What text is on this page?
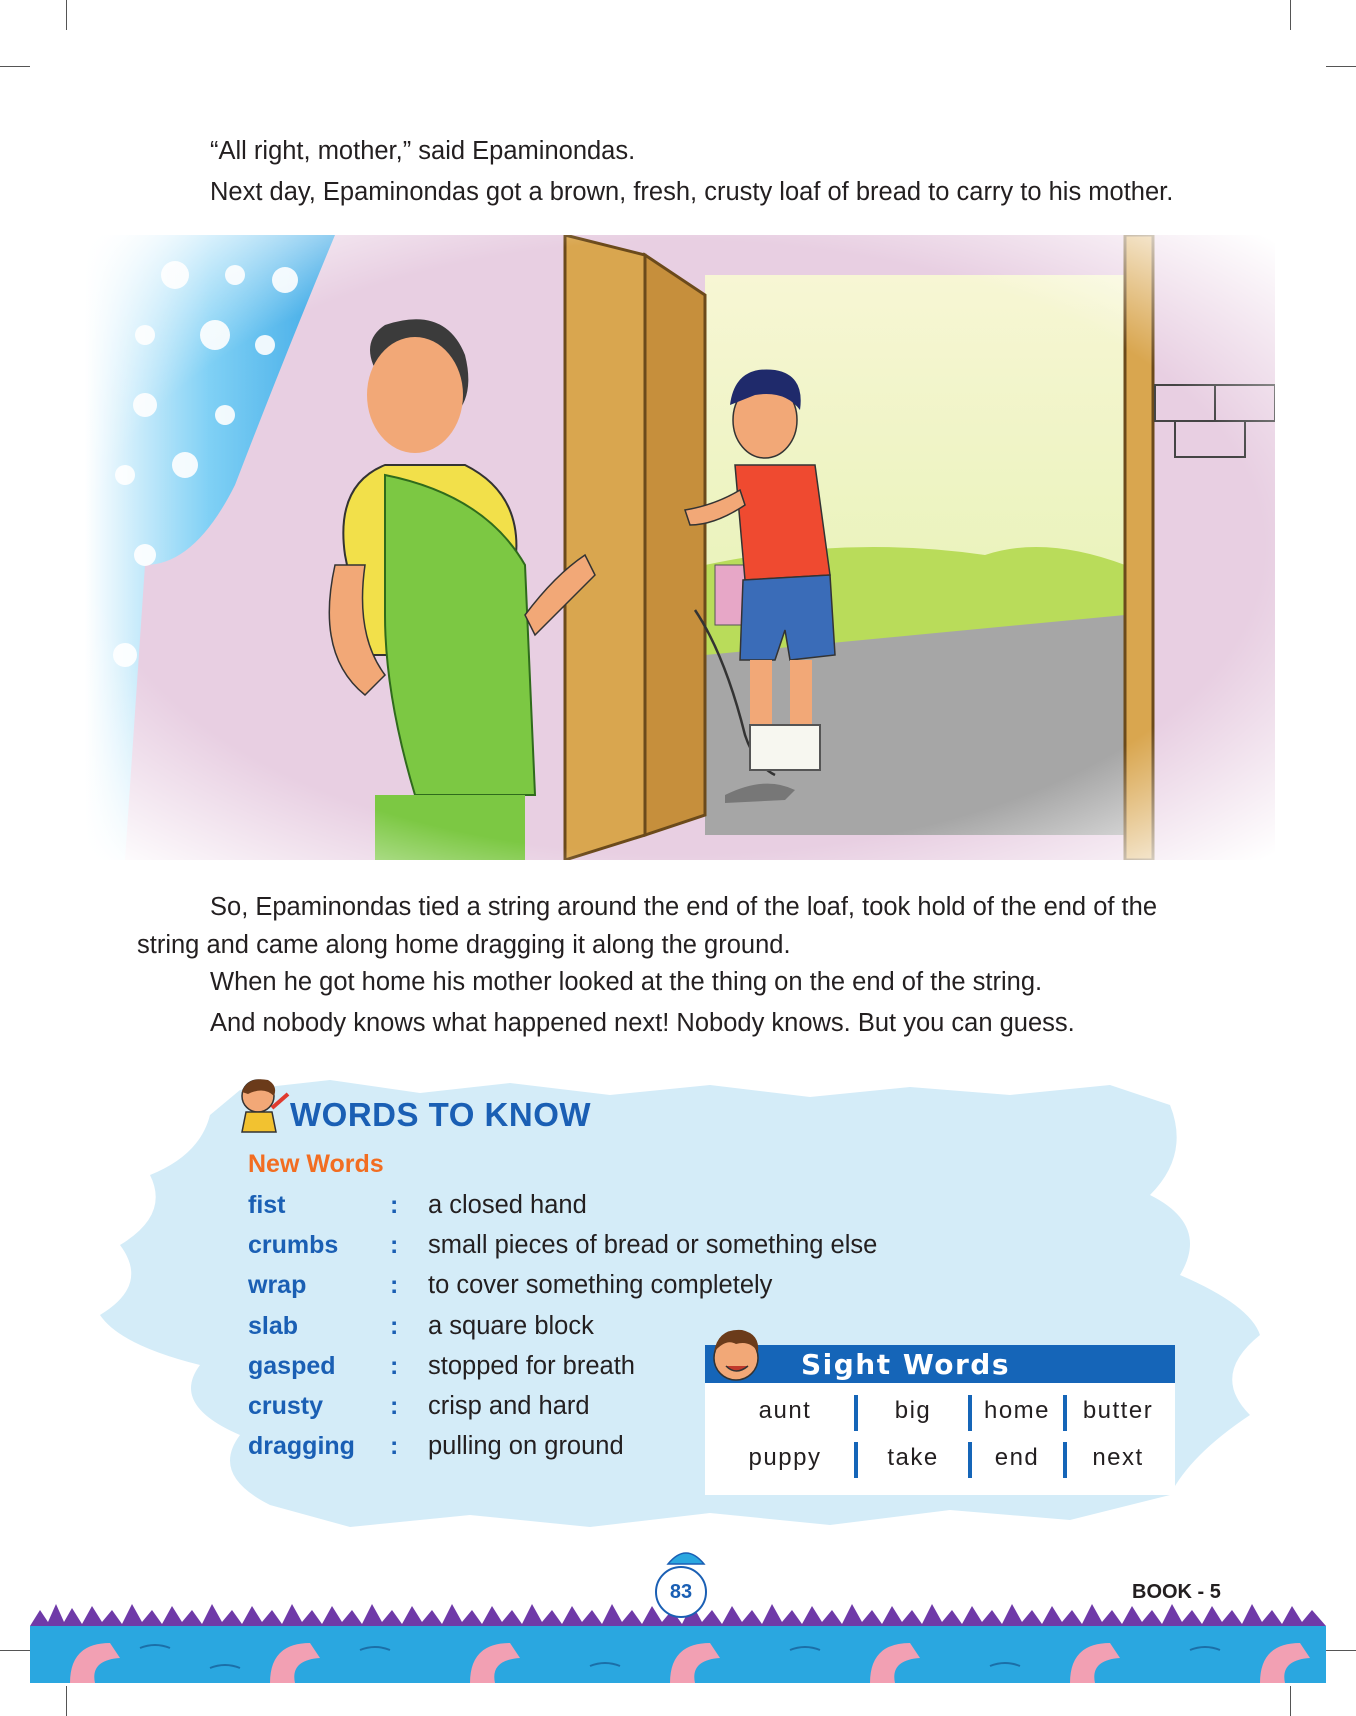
“All right, mother,” said Epaminondas.

Next day, Epaminondas got a brown, fresh, crusty loaf of bread to carry to his mother.

So, Epaminondas tied a string around the end of the loaf, took hold of the end of the

string and came along home dragging it along the ground.

When he got home his mother looked at the thing on the end of the string.

And nobody knows what happened next! Nobody knows. But you can guess.

WORDS TO KNOW

New Words

fist	: a closed hand
crumbs : small pieces of bread or something else
wrap	: to cover something completely
slab	: a square block
gasped : stopped for breath
crusty	: crisp and hard
dragging : pulling on ground

Sight Words

aunt	big	home	butter
puppy	take	end	next
83	BOOK - 5
